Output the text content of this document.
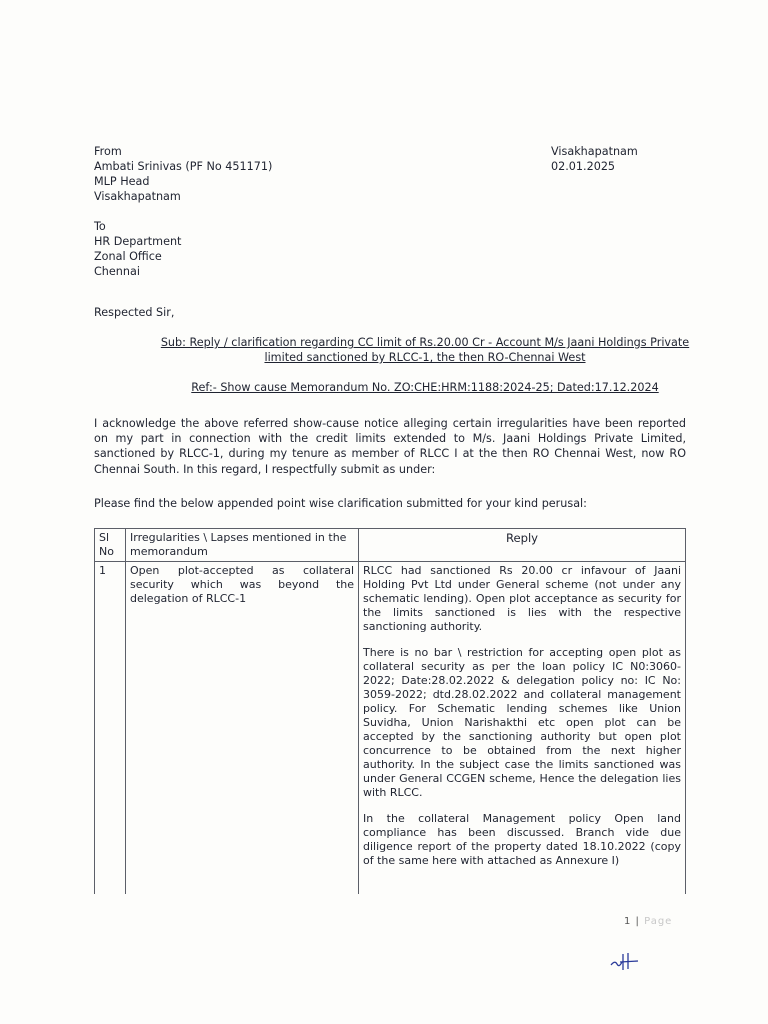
From
Ambati Srinivas (PF No 451171)
MLP Head
Visakhapatnam
Visakhapatnam
02.01.2025
To
HR Department
Zonal Office
Chennai
Respected Sir,
Sub: Reply / clarification regarding CC limit of Rs.20.00 Cr - Account M/s Jaani Holdings Private
limited sanctioned by RLCC-1, the then RO-Chennai West
Ref:- Show cause Memorandum No. ZO:CHE:HRM:1188:2024-25; Dated:17.12.2024
I acknowledge the above referred show-cause notice alleging certain irregularities have been reported on my part in connection with the credit limits extended to M/s. Jaani Holdings Private Limited, sanctioned by RLCC-1, during my tenure as member of RLCC I at the then RO Chennai West, now RO Chennai South. In this regard, I respectfully submit as under:
Please find the below appended point wise clarification submitted for your kind perusal:
Sl No	Irregularities \ Lapses mentioned in the memorandum	Reply
1	Open plot-accepted as collateral security which was beyond the delegation of RLCC-1	RLCC had sanctioned Rs 20.00 cr infavour of Jaani Holding Pvt Ltd under General scheme (not under any schematic lending). Open plot acceptance as security for the limits sanctioned is lies with the respective sanctioning authority.

There is no bar \ restriction for accepting open plot as collateral security as per the loan policy IC N0:3060-2022; Date:28.02.2022 & delegation policy no: IC No: 3059-2022; dtd.28.02.2022 and collateral management policy. For Schematic lending schemes like Union Suvidha, Union Narishakthi etc open plot can be accepted by the sanctioning authority but open plot concurrence to be obtained from the next higher authority. In the subject case the limits sanctioned was under General CCGEN scheme, Hence the delegation lies with RLCC.

In the collateral Management policy Open land compliance has been discussed. Branch vide due diligence report of the property dated 18.10.2022 (copy of the same here with attached as Annexure I)

1 | Page
